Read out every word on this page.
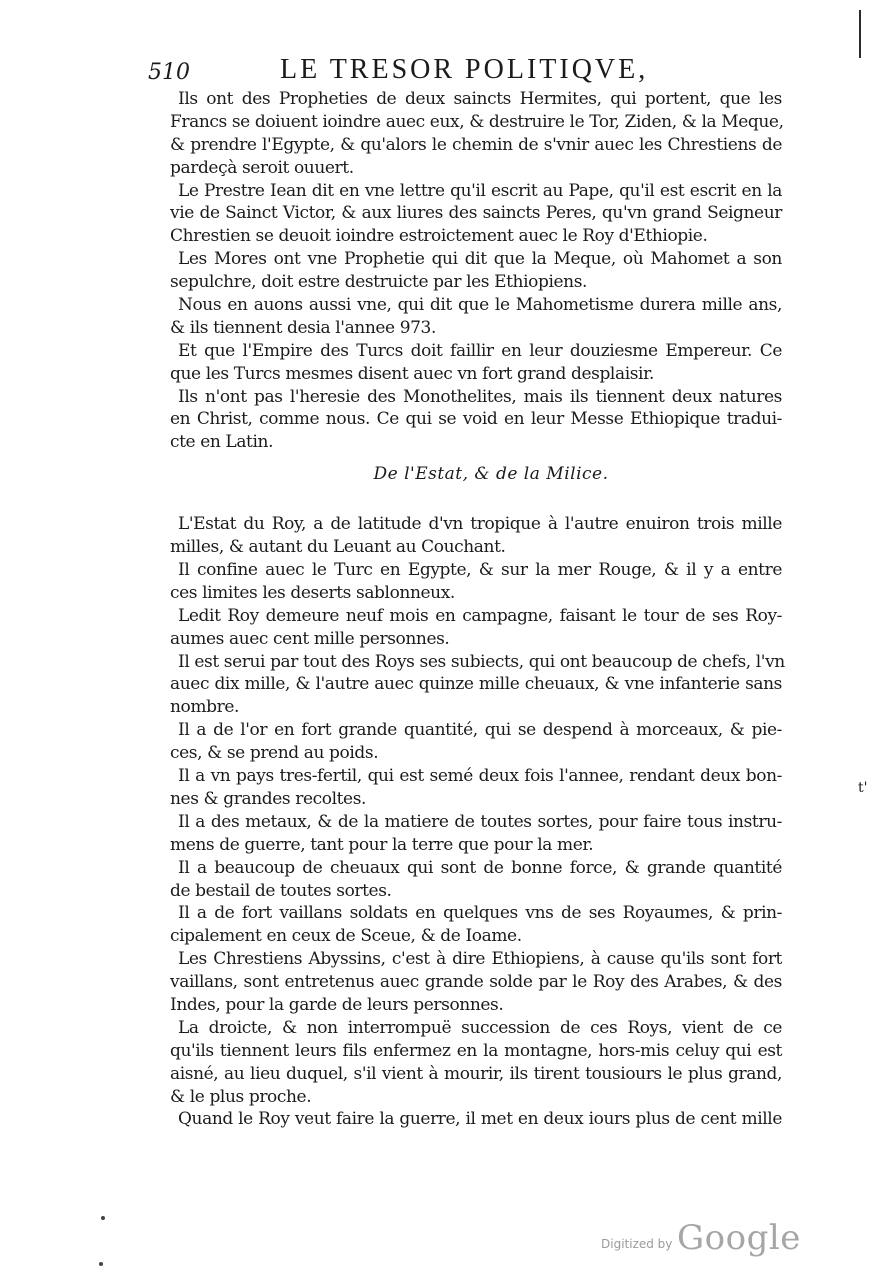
510	LE TRESOR POLITIQVE,
Ils ont des Propheties de deux saincts Hermites, qui portent, que les
Francs se doiuent ioindre auec eux, & destruire le Tor, Ziden, & la Meque,
& prendre l'Egypte, & qu'alors le chemin de s'vnir auec les Chrestiens de
pardeçà seroit ouuert.
Le Prestre Iean dit en vne lettre qu'il escrit au Pape, qu'il est escrit en la
vie de Sainct Victor, & aux liures des saincts Peres, qu'vn grand Seigneur
Chrestien se deuoit ioindre estroictement auec le Roy d'Ethiopie.
Les Mores ont vne Prophetie qui dit que la Meque, où Mahomet a son
sepulchre, doit estre destruicte par les Ethiopiens.
Nous en auons aussi vne, qui dit que le Mahometisme durera mille ans,
& ils tiennent desia l'annee 973.
Et que l'Empire des Turcs doit faillir en leur douziesme Empereur. Ce
que les Turcs mesmes disent auec vn fort grand desplaisir.
Ils n'ont pas l'heresie des Monothelites, mais ils tiennent deux natures
en Christ, comme nous. Ce qui se void en leur Messe Ethiopique tradui-
cte en Latin.
De l'Estat, & de la Milice.
L'Estat du Roy, a de latitude d'vn tropique à l'autre enuiron trois mille
milles, & autant du Leuant au Couchant.
Il confine auec le Turc en Egypte, & sur la mer Rouge, & il y a entre
ces limites les deserts sablonneux.
Ledit Roy demeure neuf mois en campagne, faisant le tour de ses Roy-
aumes auec cent mille personnes.
Il est serui par tout des Roys ses subiects, qui ont beaucoup de chefs, l'vn
auec dix mille, & l'autre auec quinze mille cheuaux, & vne infanterie sans
nombre.
Il a de l'or en fort grande quantité, qui se despend à morceaux, & pie-
ces, & se prend au poids.
Il a vn pays tres-fertil, qui est semé deux fois l'annee, rendant deux bon-
nes & grandes recoltes.
Il a des metaux, & de la matiere de toutes sortes, pour faire tous instru-
mens de guerre, tant pour la terre que pour la mer.
Il a beaucoup de cheuaux qui sont de bonne force, & grande quantité
de bestail de toutes sortes.
Il a de fort vaillans soldats en quelques vns de ses Royaumes, & prin-
cipalement en ceux de Sceue, & de Ioame.
Les Chrestiens Abyssins, c'est à dire Ethiopiens, à cause qu'ils sont fort
vaillans, sont entretenus auec grande solde par le Roy des Arabes, & des
Indes, pour la garde de leurs personnes.
La droicte, & non interrompuë succession de ces Roys, vient de ce
qu'ils tiennent leurs fils enfermez en la montagne, hors-mis celuy qui est
aisné, au lieu duquel, s'il vient à mourir, ils tirent tousiours le plus grand,
& le plus proche.
Quand le Roy veut faire la guerre, il met en deux iours plus de cent mille
t'
Digitized by Google
